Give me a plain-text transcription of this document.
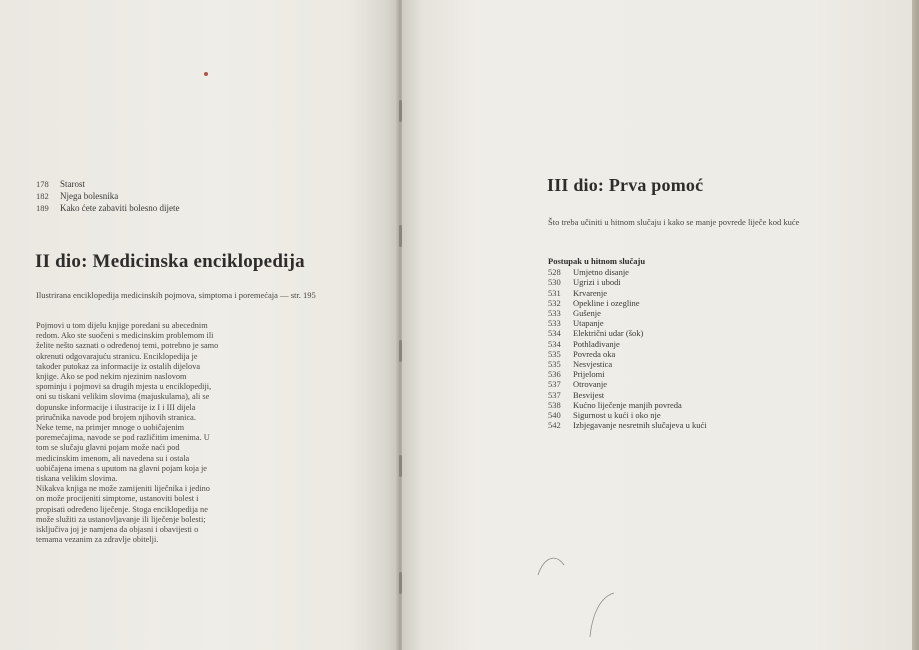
178	Starost
182	Njega bolesnika
189	Kako ćete zabaviti bolesno dijete
II dio: Medicinska enciklopedija
Ilustrirana enciklopedija medicinskih pojmova, simptoma i poremećaja — str. 195

Pojmovi u tom dijelu knjige poredani su abecednim
redom. Ako ste suočeni s medicinskim problemom ili
želite nešto saznati o određenoj temi, potrebno je samo
okrenuti odgovarajuću stranicu. Enciklopedija je
također putokaz za informacije iz ostalih dijelova
knjige. Ako se pod nekim njezinim naslovom
spominju i pojmovi sa drugih mjesta u enciklopediji,
oni su tiskani velikim slovima (majuskulama), ali se
dopunske informacije i ilustracije iz I i III dijela
priručnika navode pod brojem njihovih stranica.
Neke teme, na primjer mnoge o uobičajenim
poremećajima, navode se pod različitim imenima. U
tom se slučaju glavni pojam može naći pod
medicinskim imenom, ali navedena su i ostala
uobičajena imena s uputom na glavni pojam koja je
tiskana velikim slovima.
Nikakva knjiga ne može zamijeniti liječnika i jedino
on može procijeniti simptome, ustanoviti bolest i
propisati određeno liječenje. Stoga enciklopedija ne
može služiti za ustanovljavanje ili liječenje bolesti;
isključiva joj je namjena da objasni i obavijesti o
temama vezanim za zdravlje obitelji.

III dio: Prva pomoć
Što treba učiniti u hitnom slučaju i kako se manje povrede liječe kod kuće
Postupak u hitnom slučaju
528	Umjetno disanje
530	Ugrizi i ubodi
531	Krvarenje
532	Opekline i ozegline
533	Gušenje
533	Utapanje
534	Električni udar (šok)
534	Pothlađivanje
535	Povreda oka
535	Nesvjestica
536	Prijelomi
537	Otrovanje
537	Besvijest
538	Kućno liječenje manjih povreda
540	Sigurnost u kući i oko nje
542	Izbjegavanje nesretnih slučajeva u kući
